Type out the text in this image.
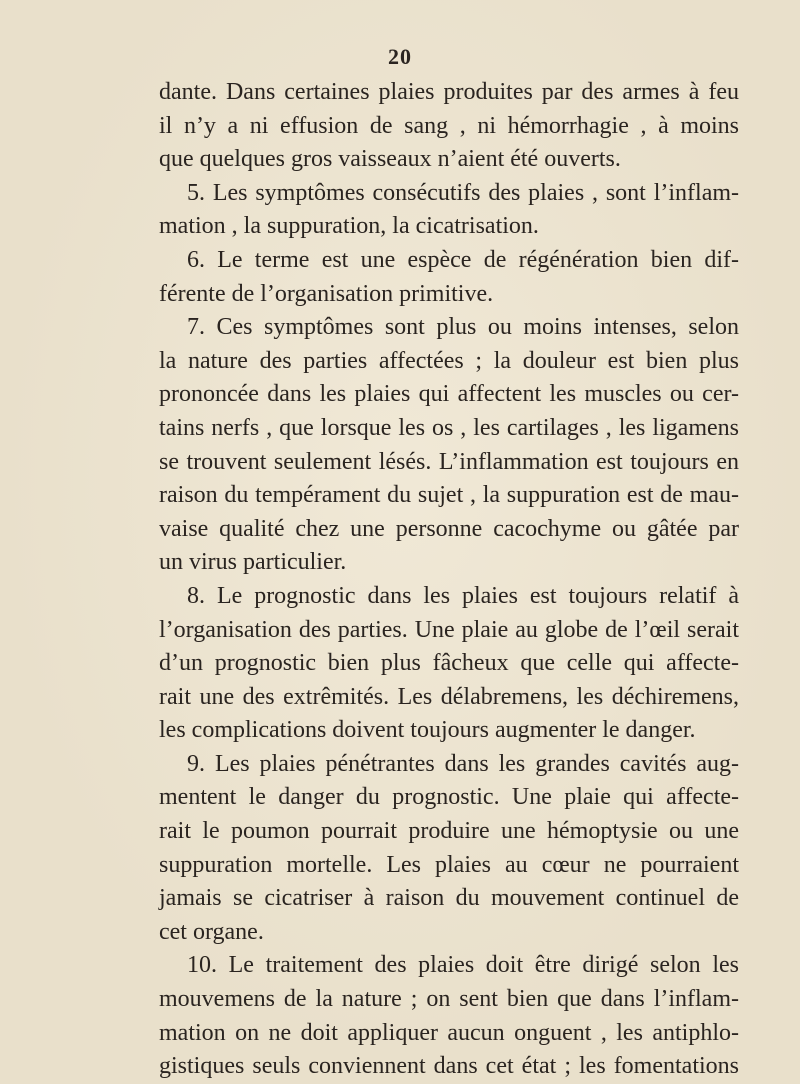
20
dante. Dans certaines plaies produites par des armes à feu
il n’y a ni effusion de sang , ni hémorrhagie , à moins
que quelques gros vaisseaux n’aient été ouverts.
5. Les symptômes consécutifs des plaies , sont l’inflam-
mation , la suppuration, la cicatrisation.
6. Le terme est une espèce de régénération bien dif-
férente de l’organisation primitive.
7. Ces symptômes sont plus ou moins intenses, selon
la nature des parties affectées ; la douleur est bien plus
prononcée dans les plaies qui affectent les muscles ou cer-
tains nerfs , que lorsque les os , les cartilages , les ligamens
se trouvent seulement lésés. L’inflammation est toujours en
raison du tempérament du sujet , la suppuration est de mau-
vaise qualité chez une personne cacochyme ou gâtée par
un virus particulier.
8. Le prognostic dans les plaies est toujours relatif à
l’organisation des parties. Une plaie au globe de l’œil serait
d’un prognostic bien plus fâcheux que celle qui affecte-
rait une des extrêmités. Les délabremens, les déchiremens,
les complications doivent toujours augmenter le danger.
9. Les plaies pénétrantes dans les grandes cavités aug-
mentent le danger du prognostic. Une plaie qui affecte-
rait le poumon pourrait produire une hémoptysie ou une
suppuration mortelle. Les plaies au cœur ne pourraient
jamais se cicatriser à raison du mouvement continuel de
cet organe.
10. Le traitement des plaies doit être dirigé selon les
mouvemens de la nature ; on sent bien que dans l’inflam-
mation on ne doit appliquer aucun onguent , les antiphlo-
gistiques seuls conviennent dans cet état ; les fomentations
